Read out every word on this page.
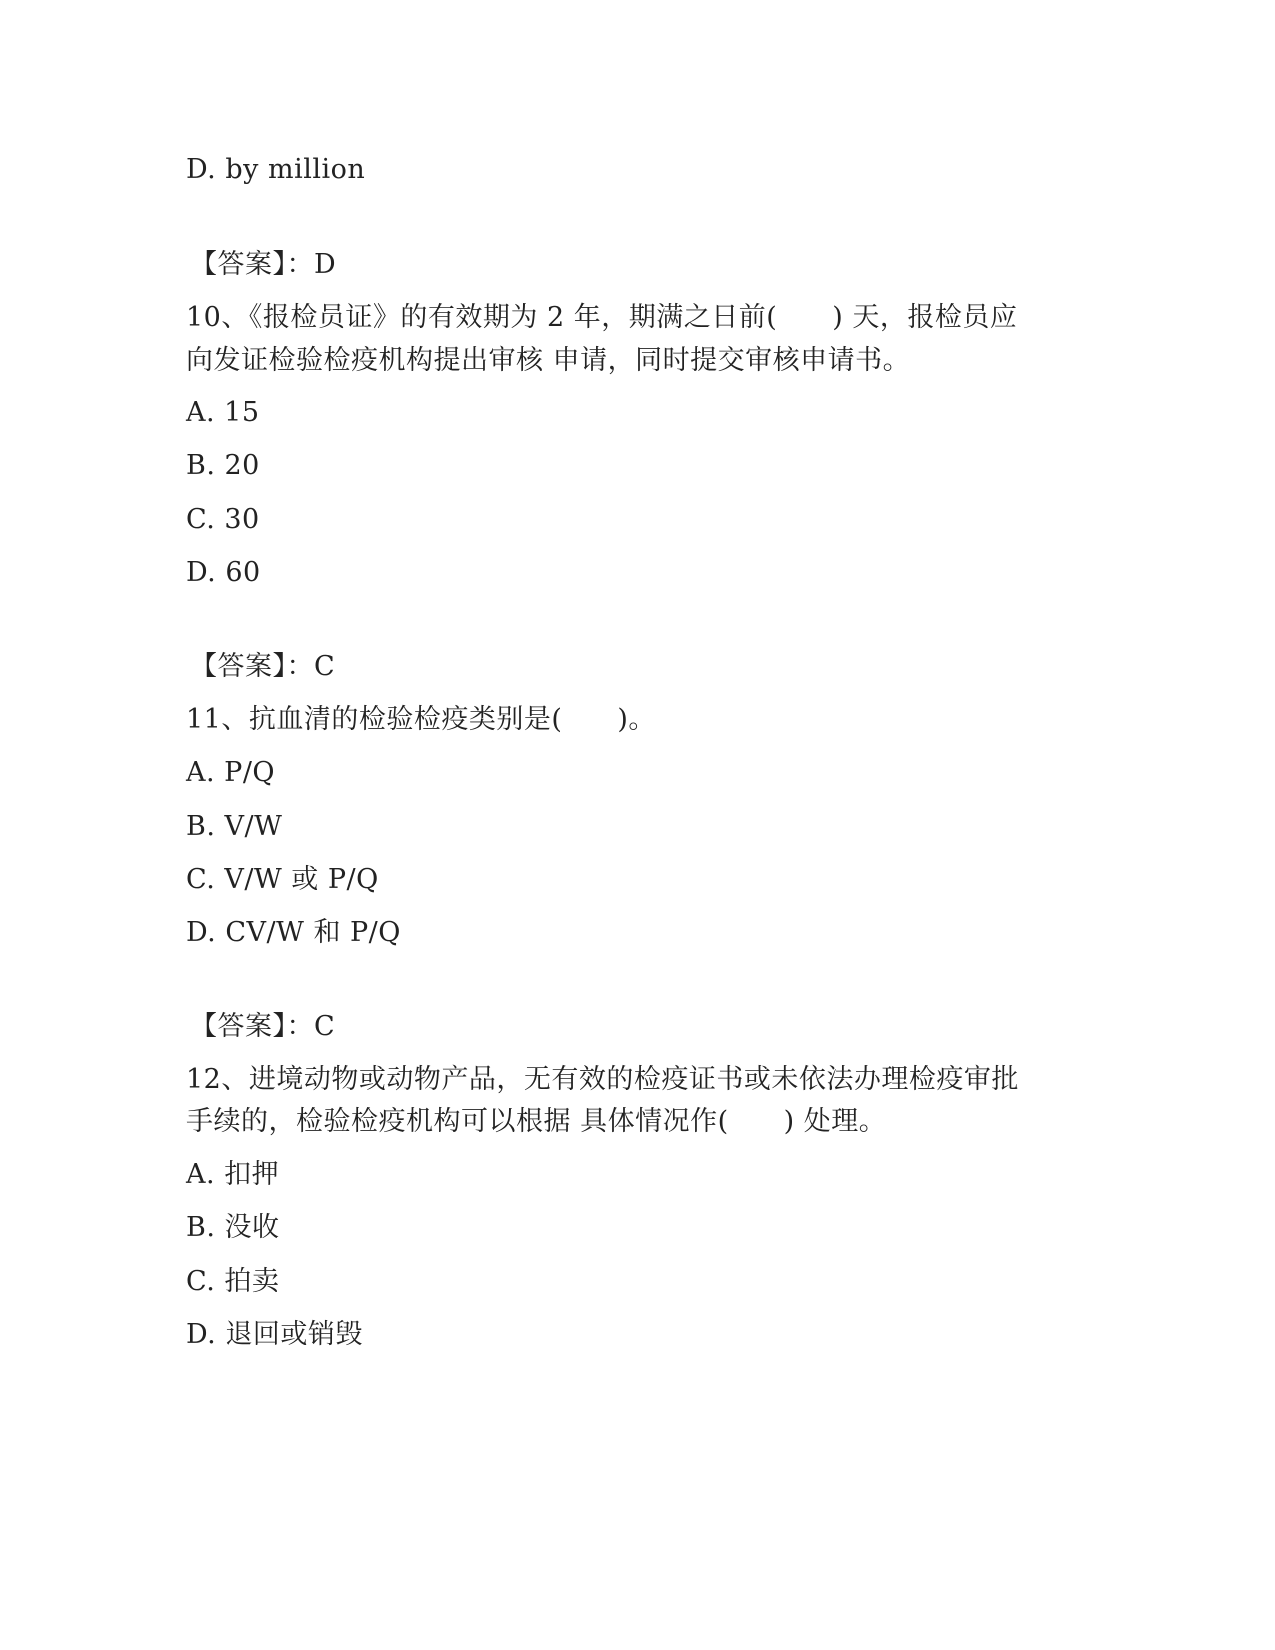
D. by million
【答案】：D
10、《报检员证》的有效期为 2 年，期满之日前(　　) 天，报检员应
向发证检验检疫机构提出审核 申请，同时提交审核申请书。
A. 15
B. 20
C. 30
D. 60
【答案】：C
11、抗血清的检验检疫类别是(　　)。
A. P/Q
B. V/W
C. V/W 或 P/Q
D. CV/W 和 P/Q
【答案】：C
12、进境动物或动物产品，无有效的检疫证书或未依法办理检疫审批
手续的，检验检疫机构可以根据 具体情况作(　　) 处理。
A. 扣押
B. 没收
C. 拍卖
D. 退回或销毁
